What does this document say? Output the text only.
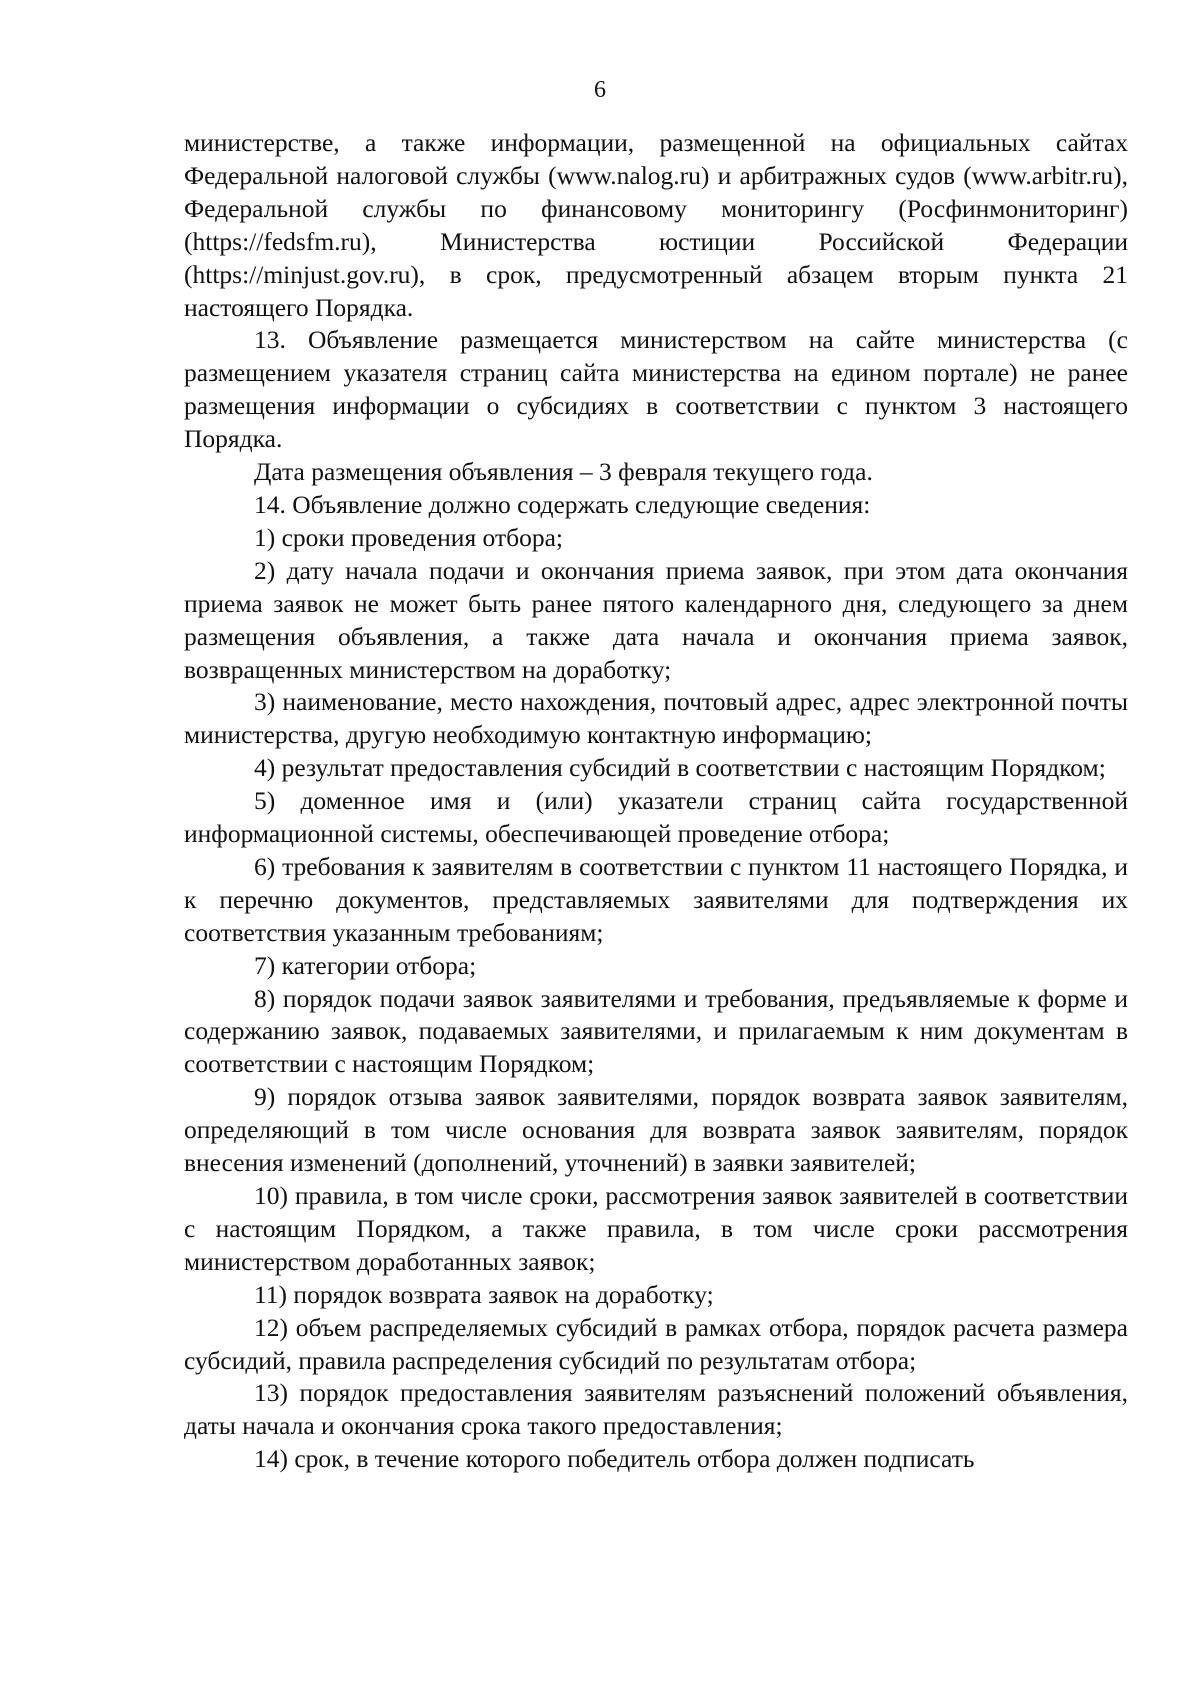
6

министерстве, а также информации, размещенной на официальных сайтах Федеральной налоговой службы (www.nalog.ru) и арбитражных судов (www.arbitr.ru), Федеральной службы по финансовому мониторингу (Росфинмониторинг) (https://fedsfm.ru), Министерства юстиции Российской Федерации (https://minjust.gov.ru), в срок, предусмотренный абзацем вторым пункта 21 настоящего Порядка.

13. Объявление размещается министерством на сайте министерства (с размещением указателя страниц сайта министерства на едином портале) не ранее размещения информации о субсидиях в соответствии с пунктом 3 настоящего Порядка.

Дата размещения объявления – 3 февраля текущего года.

14. Объявление должно содержать следующие сведения:

1) сроки проведения отбора;

2) дату начала подачи и окончания приема заявок, при этом дата окончания приема заявок не может быть ранее пятого календарного дня, следующего за днем размещения объявления, а также дата начала и окончания приема заявок, возвращенных министерством на доработку;

3) наименование, место нахождения, почтовый адрес, адрес электронной почты министерства, другую необходимую контактную информацию;

4) результат предоставления субсидий в соответствии с настоящим Порядком;

5) доменное имя и (или) указатели страниц сайта государственной информационной системы, обеспечивающей проведение отбора;

6) требования к заявителям в соответствии с пунктом 11 настоящего Порядка, и к перечню документов, представляемых заявителями для подтверждения их соответствия указанным требованиям;

7) категории отбора;

8) порядок подачи заявок заявителями и требования, предъявляемые к форме и содержанию заявок, подаваемых заявителями, и прилагаемым к ним документам в соответствии с настоящим Порядком;

9) порядок отзыва заявок заявителями, порядок возврата заявок заявителям, определяющий в том числе основания для возврата заявок заявителям, порядок внесения изменений (дополнений, уточнений) в заявки заявителей;

10) правила, в том числе сроки, рассмотрения заявок заявителей в соответствии с настоящим Порядком, а также правила, в том числе сроки рассмотрения министерством доработанных заявок;

11) порядок возврата заявок на доработку;

12) объем распределяемых субсидий в рамках отбора, порядок расчета размера субсидий, правила распределения субсидий по результатам отбора;

13) порядок предоставления заявителям разъяснений положений объявления, даты начала и окончания срока такого предоставления;

14) срок, в течение которого победитель отбора должен подписать
